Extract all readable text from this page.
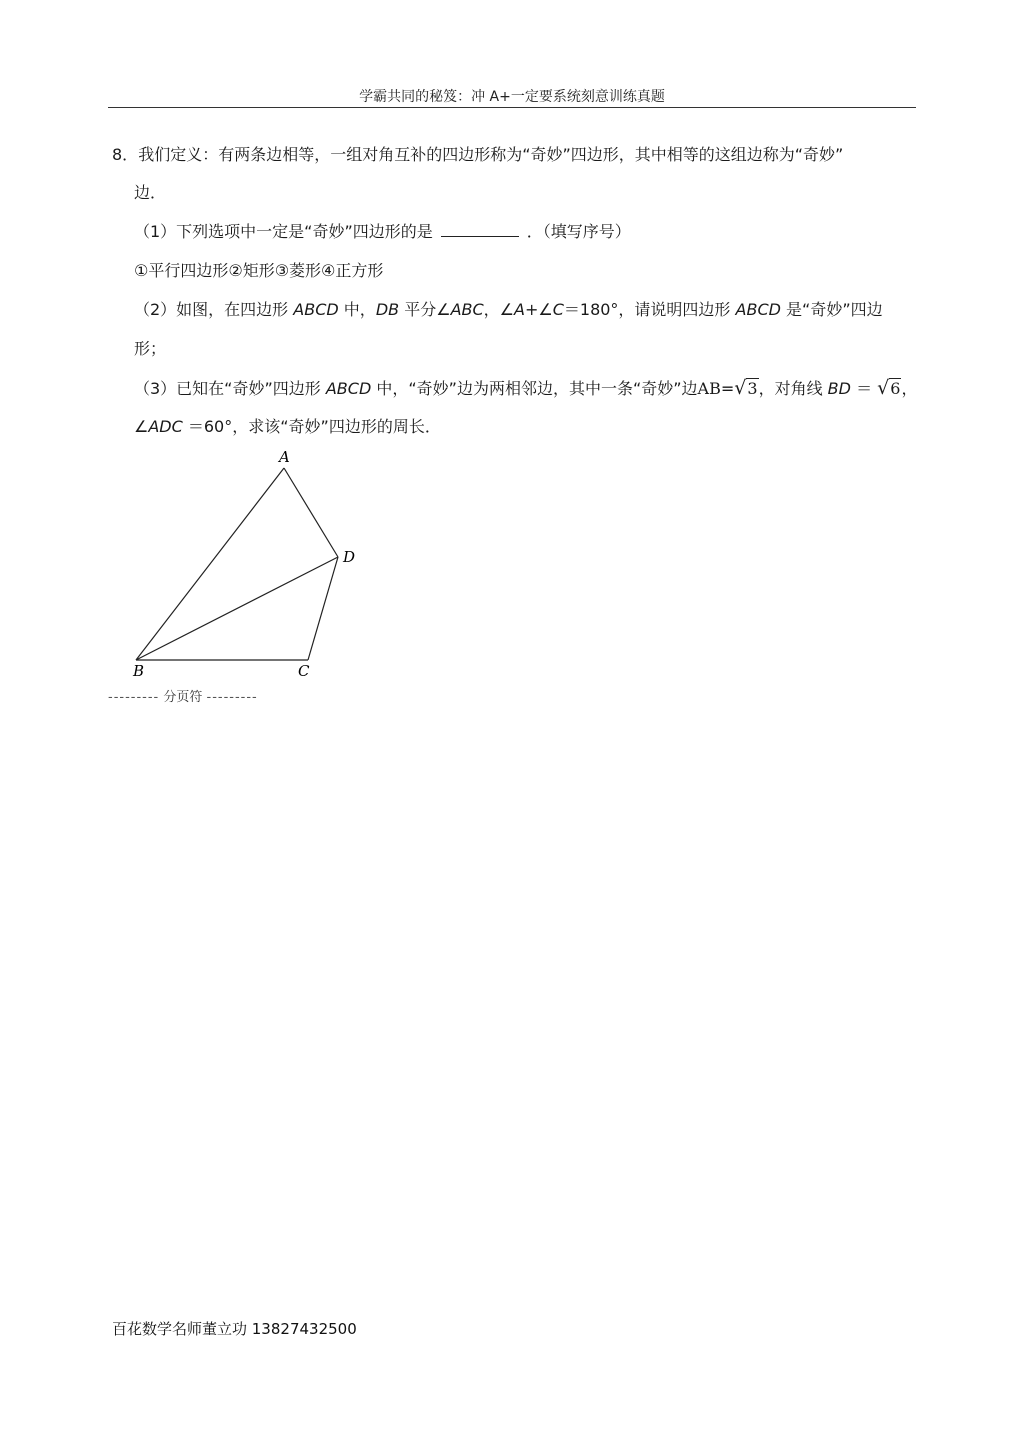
学霸共同的秘笈：冲 A+一定要系统刻意训练真题
8．我们定义：有两条边相等，一组对角互补的四边形称为“奇妙”四边形，其中相等的这组边称为“奇妙”
边．
（1）下列选项中一定是“奇妙”四边形的是	．（填写序号）
①平行四边形②矩形③菱形④正方形
（2）如图，在四边形 ABCD 中，DB 平分∠ABC，∠A+∠C＝180°，请说明四边形 ABCD 是“奇妙”四边
形；
（3）已知在“奇妙”四边形 ABCD 中，“奇妙”边为两相邻边，其中一条“奇妙”边AB=√3，对角线 BD ＝ √6，
∠ADC ＝60°，求该“奇妙”四边形的周长．
A
D
B	C
--------- 分页符 ---------
百花数学名师董立功 13827432500
